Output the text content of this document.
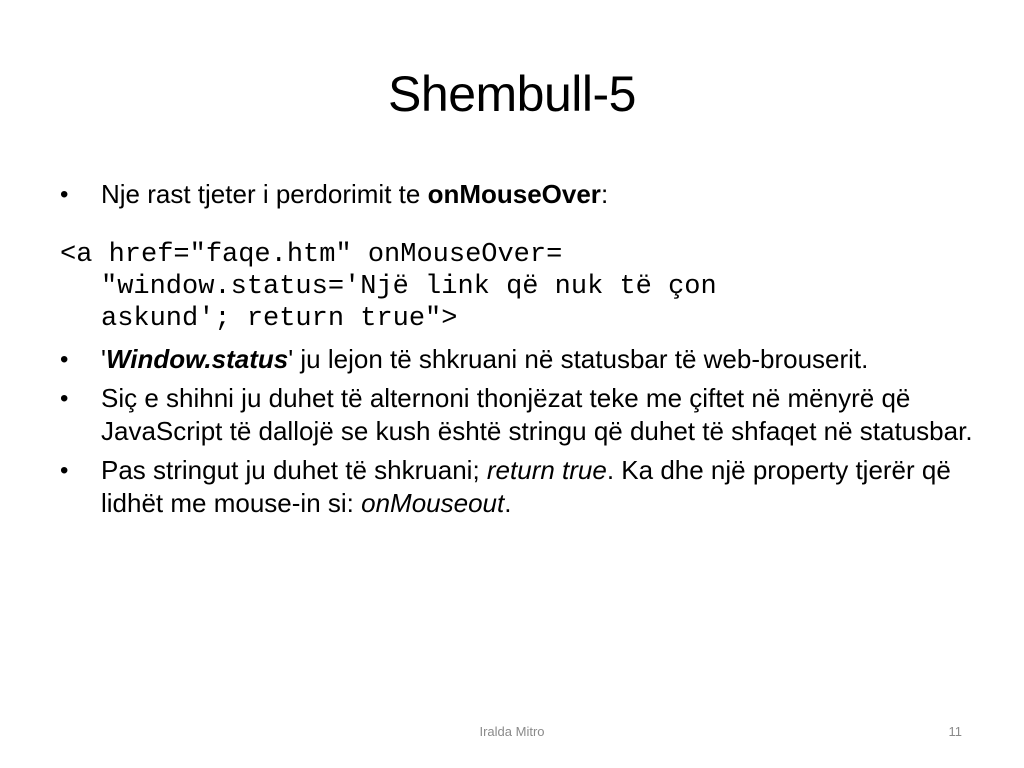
Shembull-5
•	Nje rast tjeter i perdorimit te onMouseOver:
<a href="faqe.htm" onMouseOver=
"window.status='Një link që nuk të çon
askund'; return true">
•	'Window.status' ju lejon të shkruani në statusbar të web-brouserit.
•	Siç e shihni ju duhet të alternoni thonjëzat teke me çiftet në mënyrë që JavaScript të dallojë se kush është stringu që duhet të shfaqet në statusbar.
•	Pas stringut ju duhet të shkruani; return true. Ka dhe një property tjerër që lidhët me mouse-in si: onMouseout.
Iralda Mitro	11
